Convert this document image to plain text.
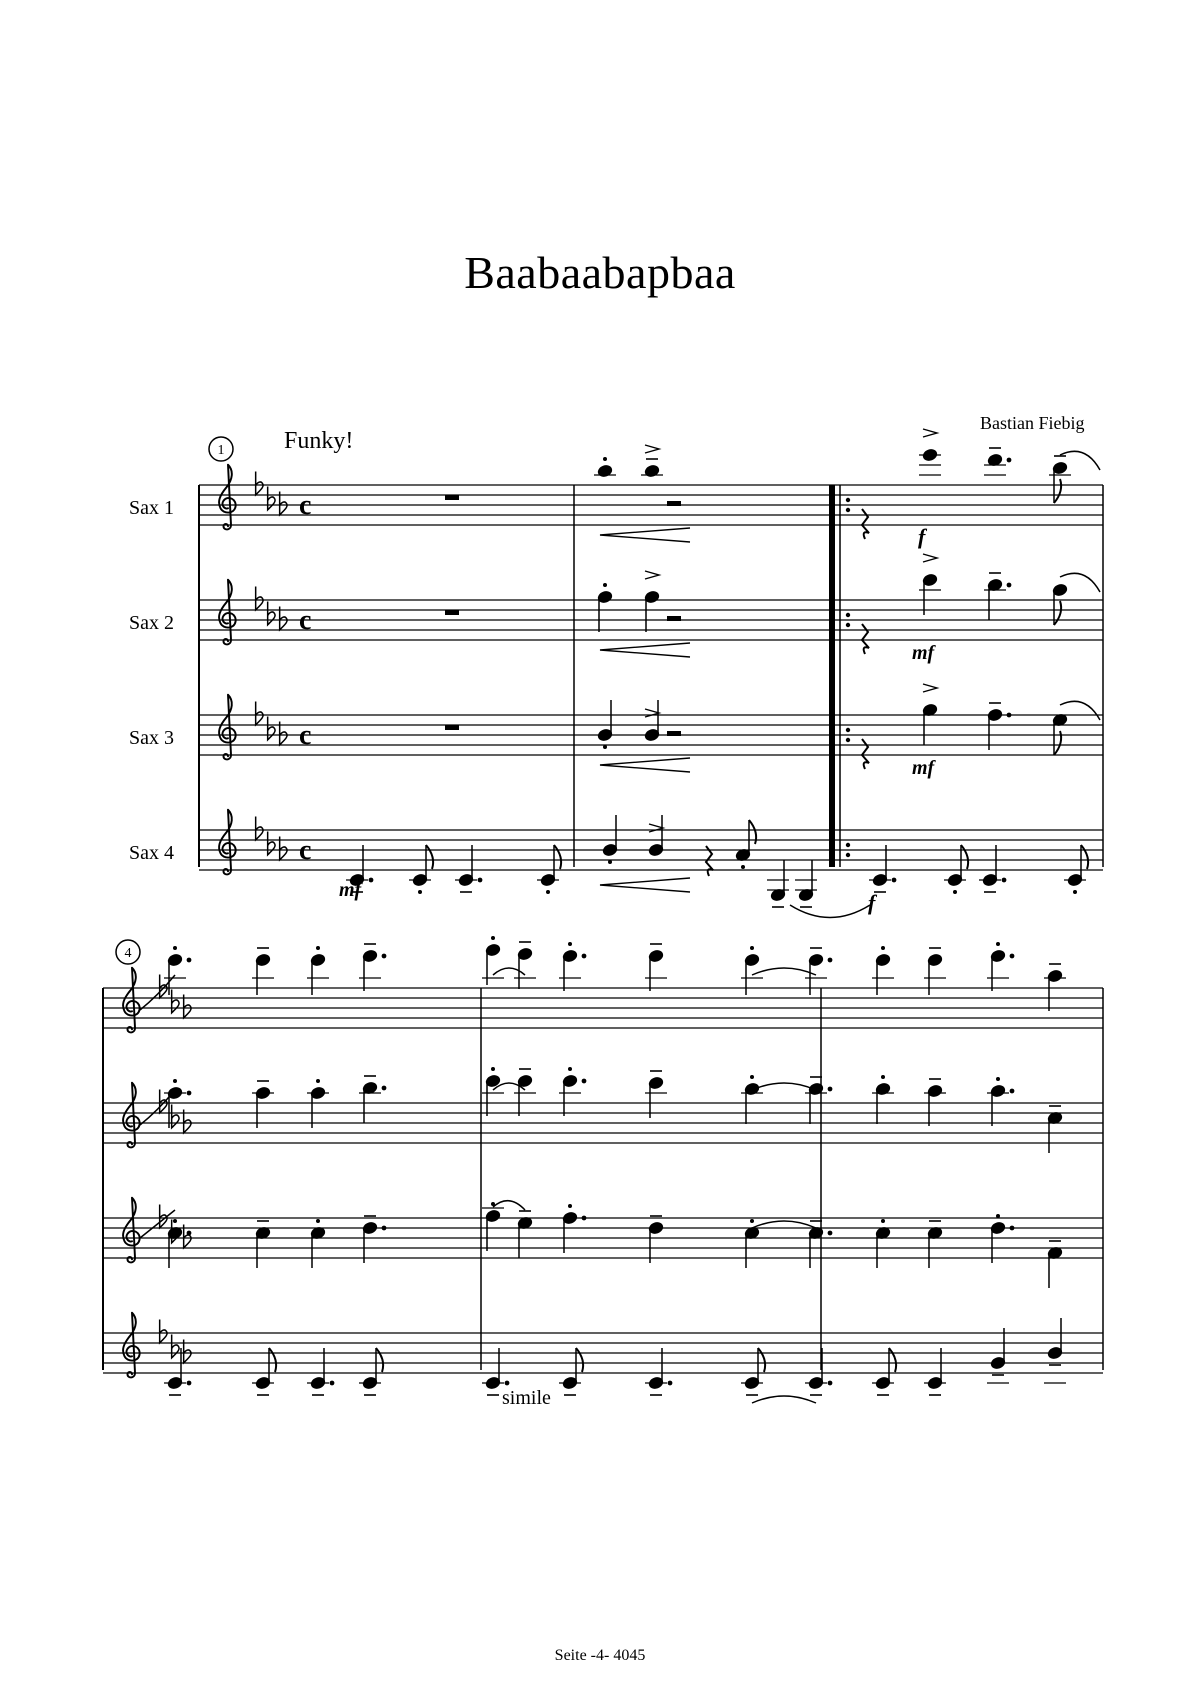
Baabaabapbaa
Bastian Fiebig
Funky!
Sax 1
Sax 2
Sax 3
Sax 4
c
c
c
c
1
4
f
mf
mf
mf	f
simile
Seite -4- 4045
